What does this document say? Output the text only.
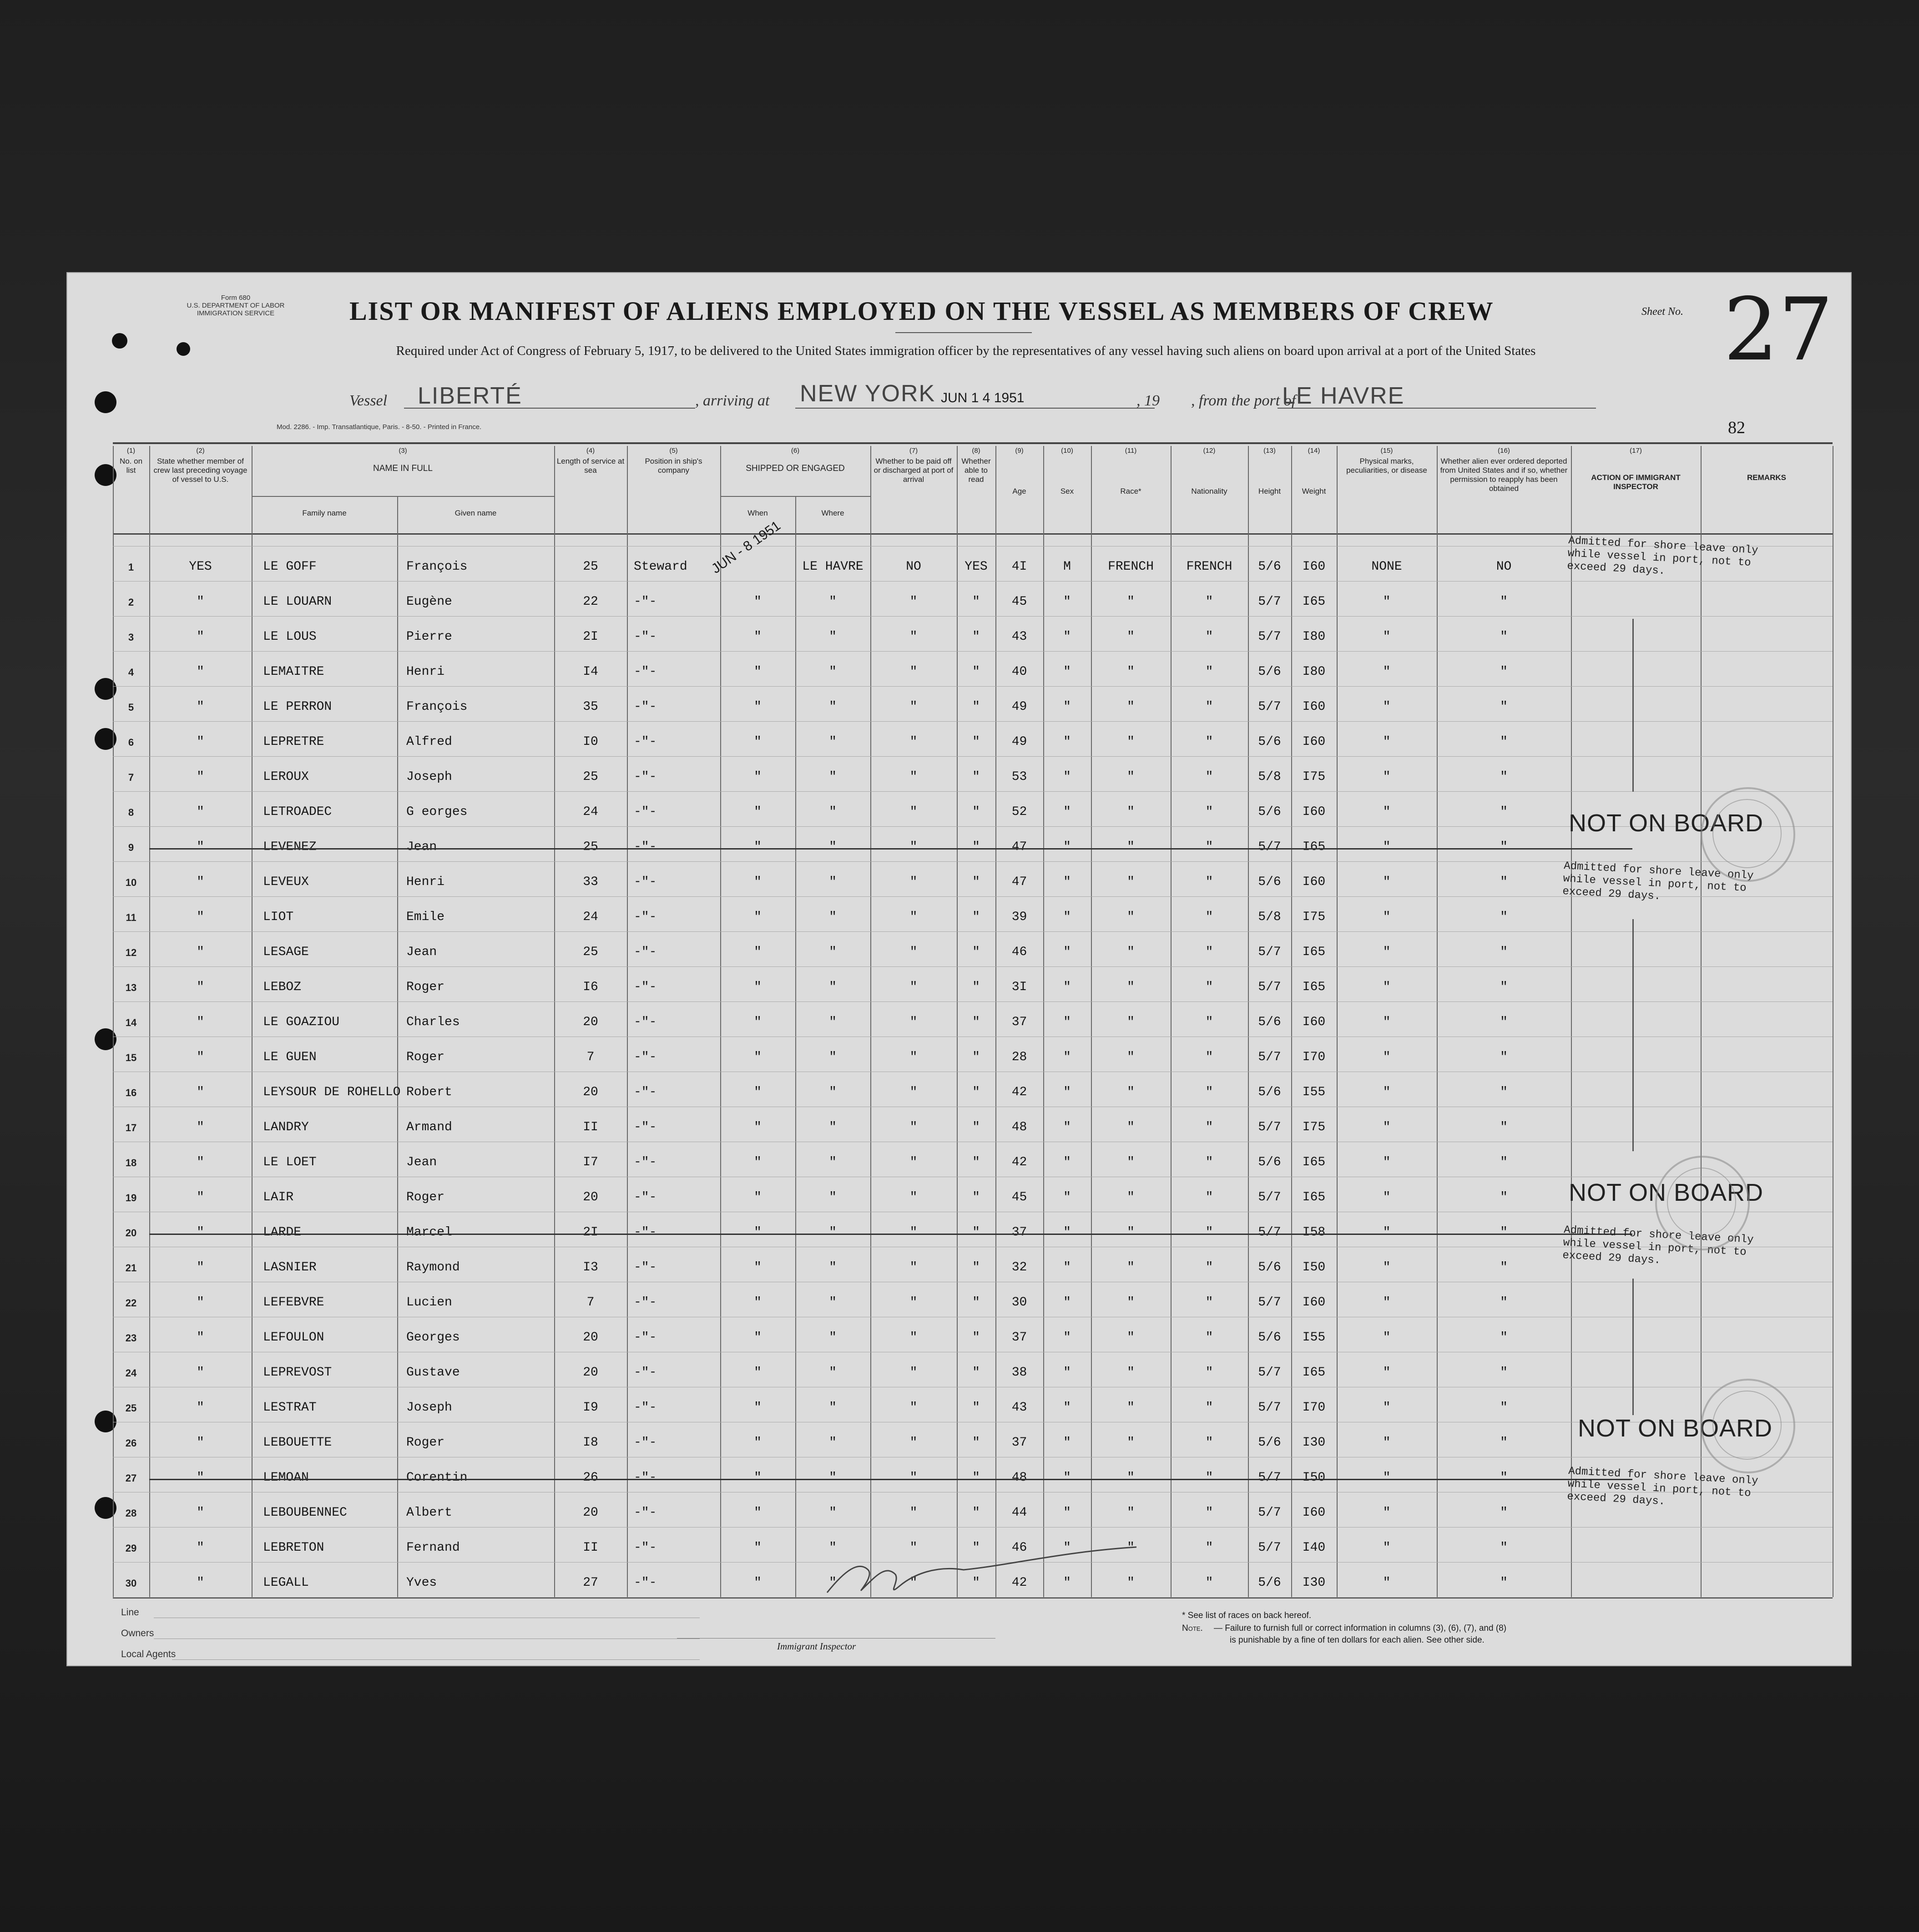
Form 680
U.S. DEPARTMENT OF LABOR
IMMIGRATION SERVICE	LIST OR MANIFEST OF ALIENS EMPLOYED ON THE VESSEL AS MEMBERS OF CREW	Sheet No. 27
Required under Act of Congress of February 5, 1917, to be delivered to the United States immigration officer by the representatives of any vessel having such aliens on board upon arrival at a port of the United States
Vessel LIBERTÉ	, arriving at NEW YORK JUN 1 4 1951	, 19 , from the port of
LE HAVRE
Mod. 2286. - Imp. Transatlantique, Paris. - 8-50. - Printed in France.	82
(1)
No. on list
(2)
State whether member of crew last preceding voyage of vessel to U.S.
(3)
NAME IN FULL
(4)
Length of service at sea
(5)
Position in ship's company
(6)
SHIPPED OR ENGAGED
(7)
Whether to be paid off or discharged at port of arrival
(8)
Whether able to read
(9)
Age
(10)
Sex
(11)
Race*
(12)
Nationality
(13)
Height
(14)
Weight
(15)
Physical marks, peculiarities, or disease
(16)
Whether alien ever ordered deported from United States and if so, whether permission to reapply has been obtained
(17)
ACTION OF IMMIGRANT INSPECTOR
REMARKS
Family name	Given name	When	Where
1	YES	LE GOFF	François	25	Steward	LE HAVRE	NO	YES	4I	M	FRENCH	FRENCH	5/6	I60	NONE	NO
2	"	LE LOUARN	Eugène	22	-"-	"	"	"	"	45	"	"	"	5/7	I65	"	"
3	"	LE LOUS	Pierre	2I	-"-	"	"	"	"	43	"	"	"	5/7	I80	"	"
4	"	LEMAITRE	Henri	I4	-"-	"	"	"	"	40	"	"	"	5/6	I80	"	"
5	"	LE PERRON	François	35	-"-	"	"	"	"	49	"	"	"	5/7	I60	"	"
6	"	LEPRETRE	Alfred	I0	-"-	"	"	"	"	49	"	"	"	5/6	I60	"	"
7	"	LEROUX	Joseph	25	-"-	"	"	"	"	53	"	"	"	5/8	I75	"	"
8	"	LETROADEC	G eorges	24	-"-	"	"	"	"	52	"	"	"	5/6	I60	"	"
9	"	LEVENEZ	Jean	25	-"-	"	"	"	"	47	"	"	"	5/7	I65	"	"
10	"	LEVEUX	Henri	33	-"-	"	"	"	"	47	"	"	"	5/6	I60	"	"
11	"	LIOT	Emile	24	-"-	"	"	"	"	39	"	"	"	5/8	I75	"	"
12	"	LESAGE	Jean	25	-"-	"	"	"	"	46	"	"	"	5/7	I65	"	"
13	"	LEBOZ	Roger	I6	-"-	"	"	"	"	3I	"	"	"	5/7	I65	"	"
14	"	LE GOAZIOU	Charles	20	-"-	"	"	"	"	37	"	"	"	5/6	I60	"	"
15	"	LE GUEN	Roger	7	-"-	"	"	"	"	28	"	"	"	5/7	I70	"	"
16	"	LEYSOUR DE ROHELLO Robert	20	-"-	"	"	"	"	42	"	"	"	5/6	I55	"	"
17	"	LANDRY	Armand	II	-"-	"	"	"	"	48	"	"	"	5/7	I75	"	"
18	"	LE LOET	Jean	I7	-"-	"	"	"	"	42	"	"	"	5/6	I65	"	"
19	"	LAIR	Roger	20	-"-	"	"	"	"	45	"	"	"	5/7	I65	"	"
20	"	LARDE	Marcel	2I	-"-	"	"	"	"	37	"	"	"	5/7	I58	"	"
21	"	LASNIER	Raymond	I3	-"-	"	"	"	"	32	"	"	"	5/6	I50	"	"
22	"	LEFEBVRE	Lucien	7	-"-	"	"	"	"	30	"	"	"	5/7	I60	"	"
23	"	LEFOULON	Georges	20	-"-	"	"	"	"	37	"	"	"	5/6	I55	"	"
24	"	LEPREVOST	Gustave	20	-"-	"	"	"	"	38	"	"	"	5/7	I65	"	"
25	"	LESTRAT	Joseph	I9	-"-	"	"	"	"	43	"	"	"	5/7	I70	"	"
26	"	LEBOUETTE	Roger	I8	-"-	"	"	"	"	37	"	"	"	5/6	I30	"	"
27	"	LEMOAN	Corentin	26	-"-	"	"	"	"	48	"	"	"	5/7	I50	"	"
28	"	LEBOUBENNEC	Albert	20	-"-	"	"	"	"	44	"	"	"	5/7	I60	"	"
29	"	LEBRETON	Fernand	II	-"-	"	"	"	"	46	"	"	"	5/7	I40	"	"
30	"	LEGALL	Yves	27	-"-	"	"	"	"	42	"	"	"	5/6	I30	"	"
JUN - 8 1951	Admitted for shore leave only
while vessel in port, not to
exceed 29 days.
Admitted for shore leave only
while vessel in port, not to
exceed 29 days.
Admitted for shore leave only
while vessel in port, not to
exceed 29 days.
Admitted for shore leave only
while vessel in port, not to
exceed 29 days.
NOT ON BOARD
NOT ON BOARD
NOT ON BOARD
Line
Owners
Local Agents
Immigrant Inspector
* See list of races on back hereof.
Note. — Failure to furnish full or correct information in columns (3), (6), (7), and (8)
is punishable by a fine of ten dollars for each alien. See other side.
